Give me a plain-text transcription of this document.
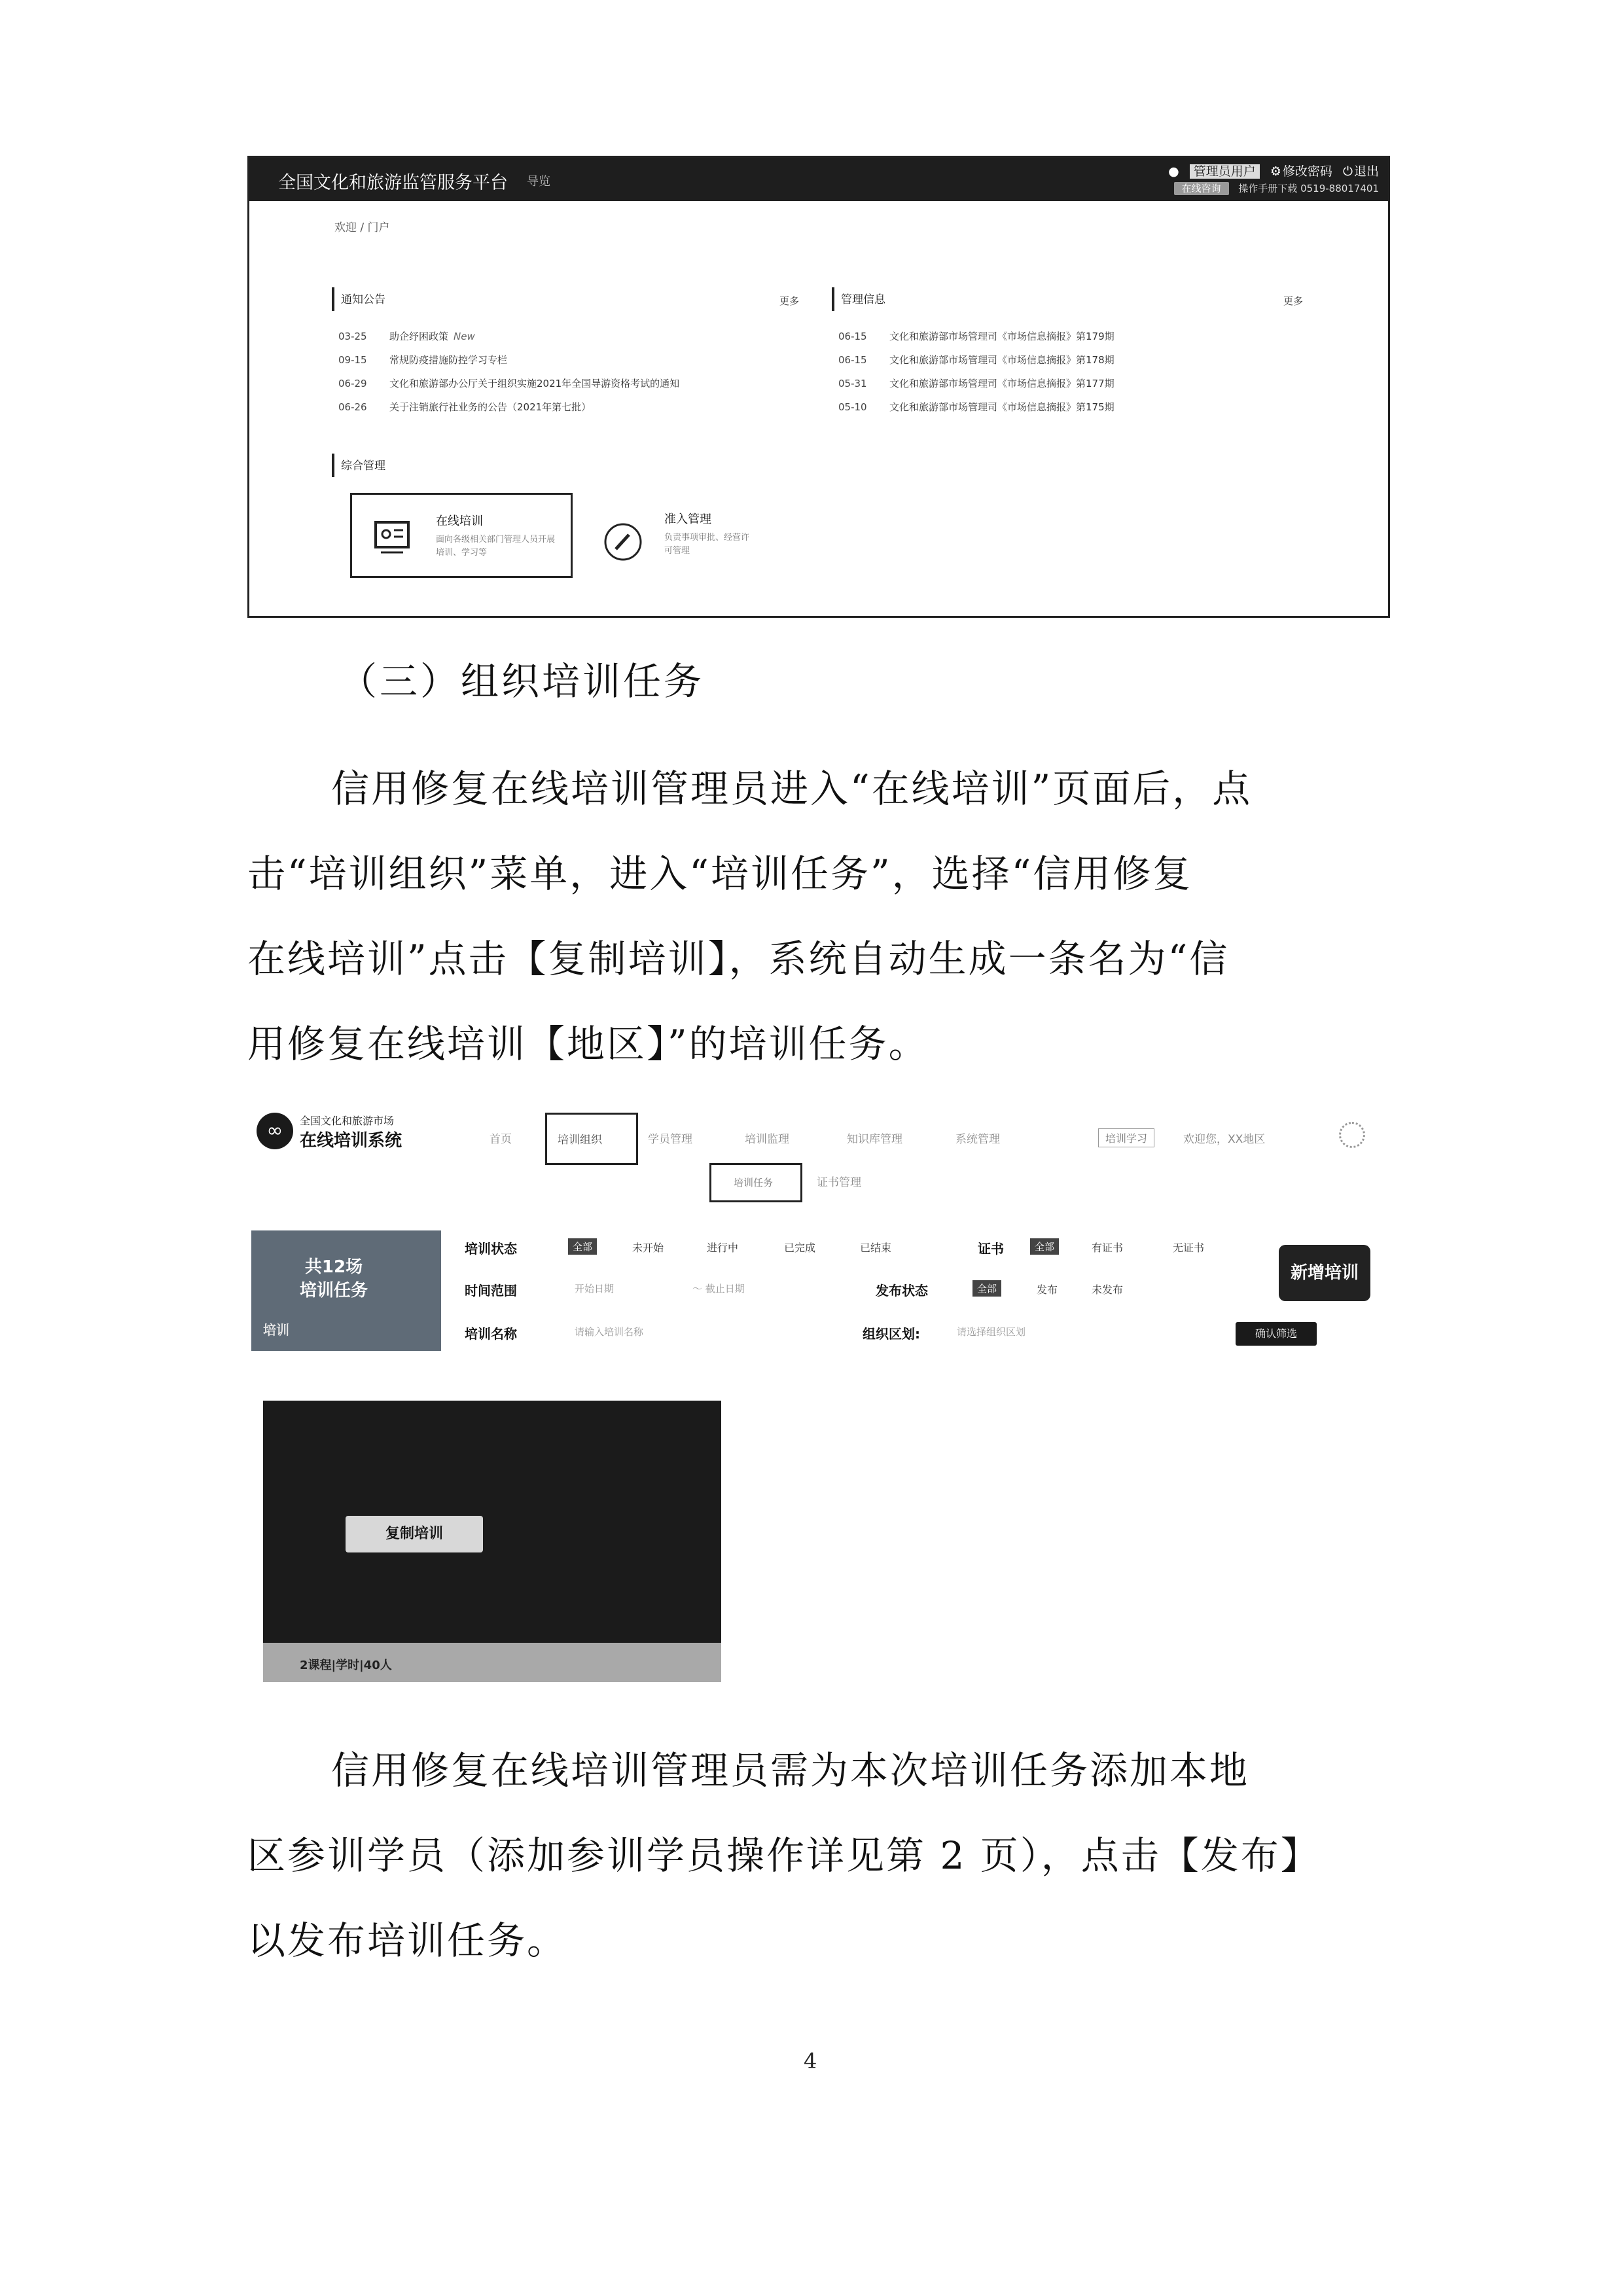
全国文化和旅游监管服务平台 导览
● 管理员用户 ⚙ 修改密码 ⏻ 退出
在线咨询 操作手册下载 0519-88017401
欢迎 / 门户
通知公告	更多
03-25 助企纾困政策 New
09-15 常规防疫措施防控学习专栏
06-29 文化和旅游部办公厅关于组织实施2021年全国导游资格考试的通知
06-26 关于注销旅行社业务的公告（2021年第七批）
管理信息	更多
06-15 文化和旅游部市场管理司《市场信息摘报》第179期
06-15 文化和旅游部市场管理司《市场信息摘报》第178期
05-31 文化和旅游部市场管理司《市场信息摘报》第177期
05-10 文化和旅游部市场管理司《市场信息摘报》第175期
综合管理
在线培训
面向各级相关部门管理人员开展
培训、学习等
准入管理
负责事项审批、经营许
可管理
（三）组织培训任务
信用修复在线培训管理员进入“在线培训”页面后，点
击“培训组织”菜单，进入“培训任务”，选择“信用修复
在线培训”点击【复制培训】，系统自动生成一条名为“信
用修复在线培训【地区】”的培训任务。
∞	全国文化和旅游市场
在线培训系统	首页	培训组织	学员管理	培训监理	知识库管理	系统管理	培训学习	欢迎您，XX地区
培训任务	证书管理
共12场
培训任务
培训
培训状态	全部	未开始	进行中	已完成	已结束	证书	全部	有证书	无证书
时间范围	开始日期	～ 截止日期	发布状态	全部	发布	未发布
培训名称	请输入培训名称	组织区划:	请选择组织区划
新增培训
确认筛选
复制培训
2课程|学时|40人
信用修复在线培训管理员需为本次培训任务添加本地
区参训学员（添加参训学员操作详见第 2 页），点击【发布】
以发布培训任务。
4
